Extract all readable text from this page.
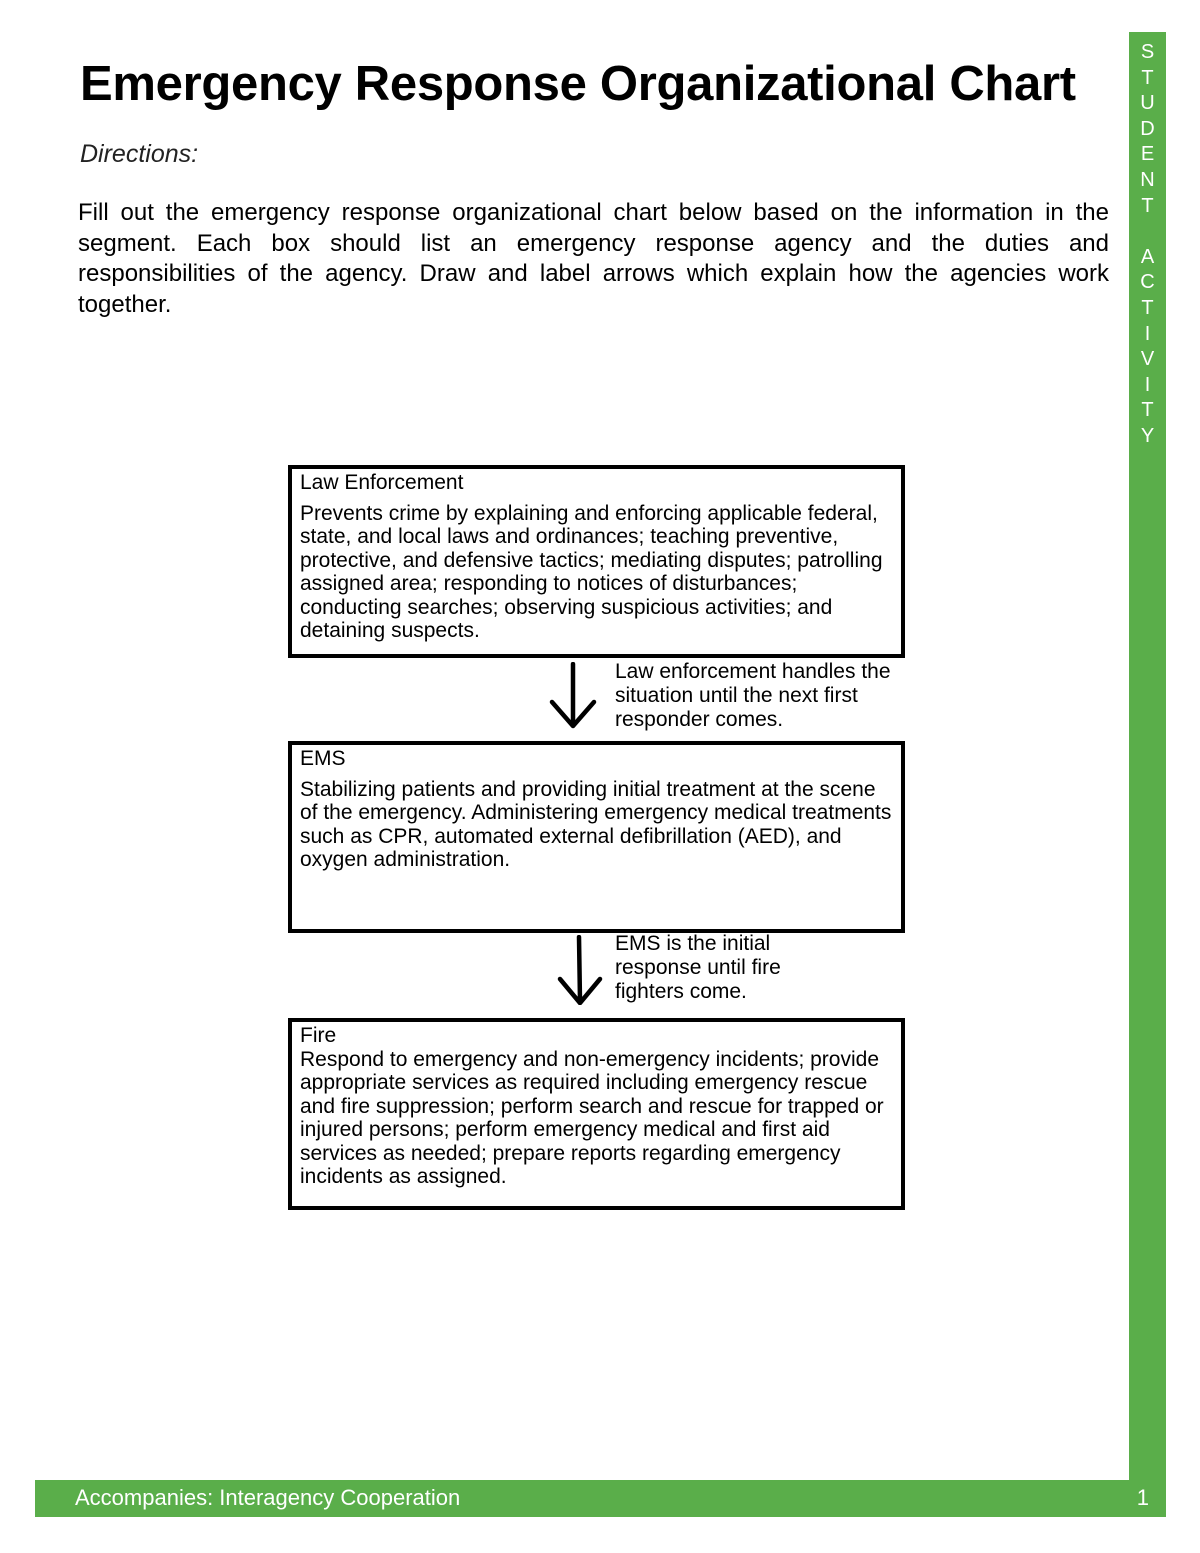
Emergency Response Organizational Chart
Directions:

Fill out the emergency response organizational chart below based on the information in the segment. Each box should list an emergency response agency and the duties and responsibilities of the agency. Draw and label arrows which explain how the agencies work together.

S
T
U
D
E
N
T
A
C
T
I
V
I
T
Y
Law Enforcement
Prevents crime by explaining and enforcing applicable federal, state, and local laws and ordinances; teaching preventive, protective, and defensive tactics; mediating disputes; patrolling assigned area; responding to notices of disturbances; conducting searches; observing suspicious activities; and detaining suspects.

Law enforcement handles the situation until the next first responder comes.

EMS
Stabilizing patients and providing initial treatment at the scene of the emergency. Administering emergency medical treatments such as CPR, automated external defibrillation (AED), and oxygen administration.

EMS is the initial response until fire fighters come.

Fire
Respond to emergency and non-emergency incidents; provide appropriate services as required including emergency rescue and fire suppression; perform search and rescue for trapped or injured persons; perform emergency medical and first aid services as needed; prepare reports regarding emergency incidents as assigned.
Accompanies: Interagency Cooperation	1
